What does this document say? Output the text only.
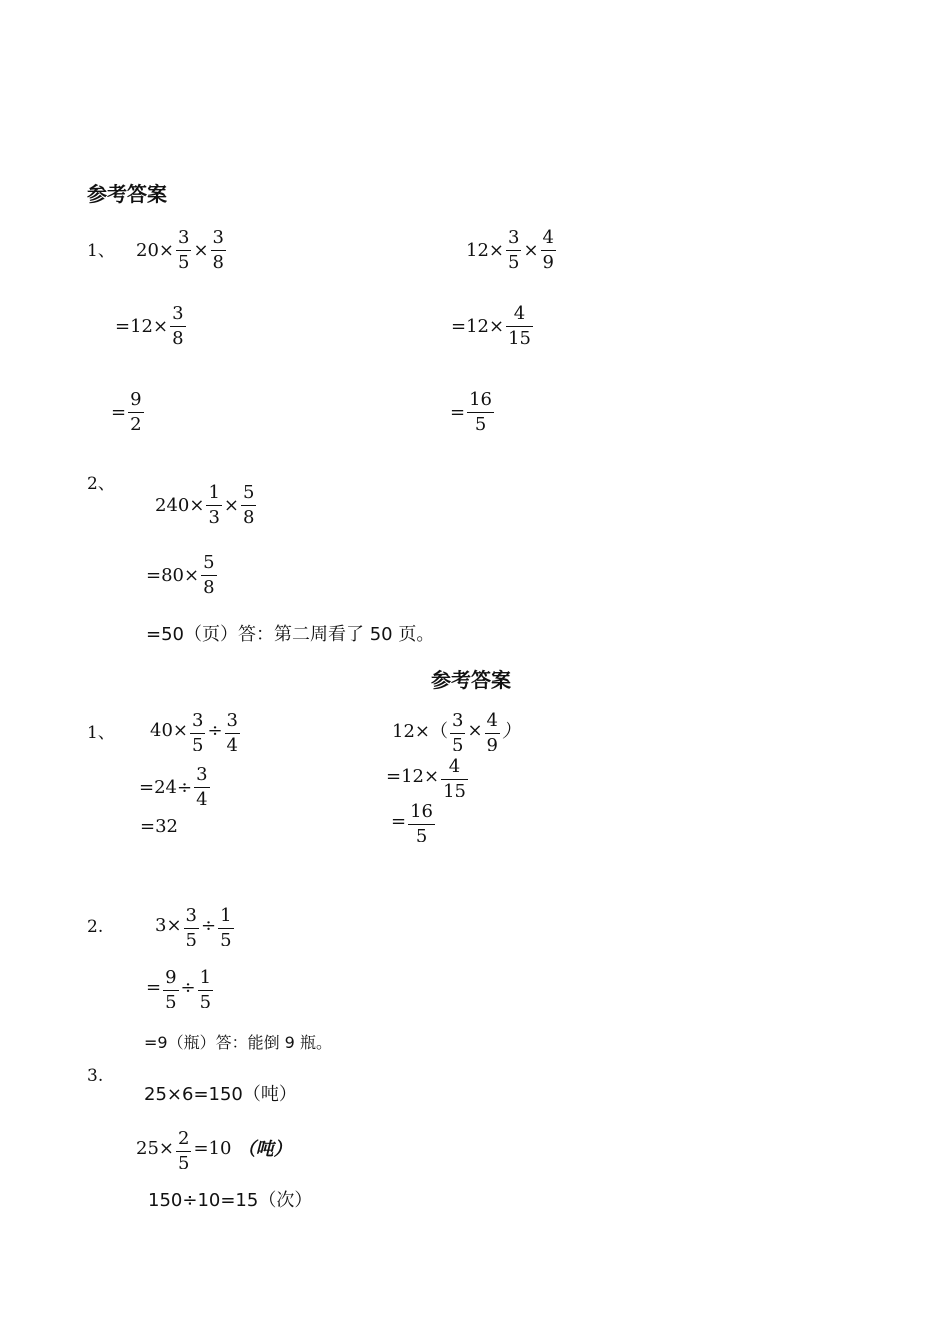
参考答案
1、 $20\times \frac{3}{5} \times \frac{3}{8}$
$=12\times \frac{3}{8}$
= $\frac{9}{2}$
$12\times \frac{3}{5} \times \frac{4}{9}$
$=12\times \frac{4}{15}$
= $\frac{16}{5}$
2、
$240\times \frac{1}{3} \times \frac{5}{8}$
$=80\times \frac{5}{8}$
=50（页）答：第二周看了 50 页。
参考答案
1、 $40\times \frac{3}{5} \div \frac{3}{4}$
$=24\div \frac{3}{4}$
=32
$12\times( \frac{3}{5} \times \frac{4}{9}$ ）
$=12\times \frac{4}{15}$
= $\frac{16}{5}$
2.	$3\times \frac{3}{5} \div \frac{1}{5}$
= $\frac{9}{5} \div \frac{1}{5}$
=9（瓶）答：能倒 9 瓶。
3.
25×6=150（吨）
$25\times \frac{2}{5} =10$ （吨）
150÷10=15（次）
